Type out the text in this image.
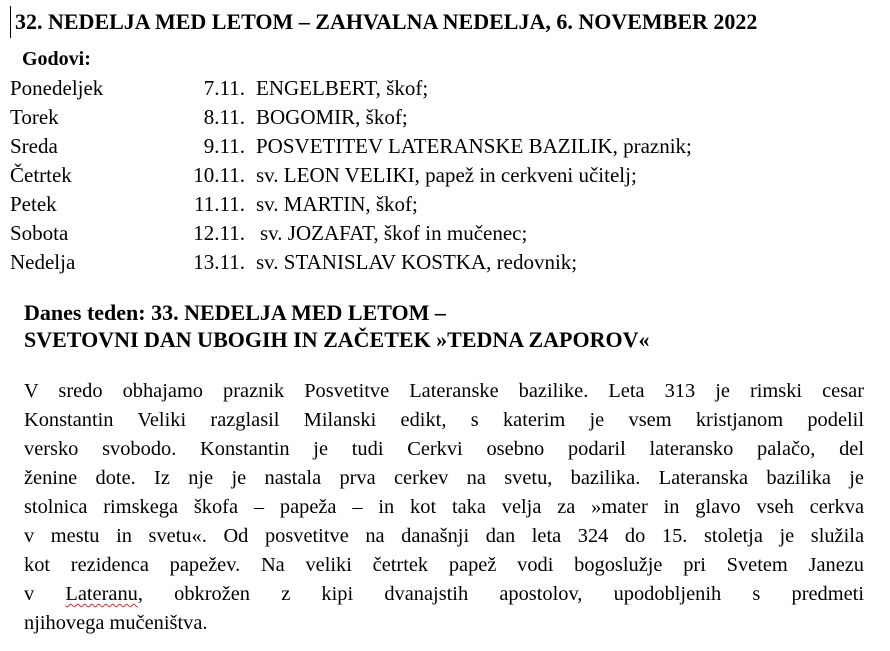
32. NEDELJA MED LETOM – ZAHVALNA NEDELJA, 6. NOVEMBER 2022
Godovi:
Ponedeljek	7.11. ENGELBERT, škof;
Torek	8.11. BOGOMIR, škof;
Sreda	9.11. POSVETITEV LATERANSKE BAZILIK, praznik;
Četrtek	10.11. sv. LEON VELIKI, papež in cerkveni učitelj;
Petek	11.11. sv. MARTIN, škof;
Sobota	12.11. sv. JOZAFAT, škof in mučenec;
Nedelja	13.11. sv. STANISLAV KOSTKA, redovnik;
Danes teden: 33. NEDELJA MED LETOM –
SVETOVNI DAN UBOGIH IN ZAČETEK »TEDNA ZAPOROV«
V sredo obhajamo praznik Posvetitve Lateranske bazilike. Leta 313 je rimski cesar
Konstantin Veliki razglasil Milanski edikt, s katerim je vsem kristjanom podelil
versko svobodo. Konstantin je tudi Cerkvi osebno podaril lateransko palačo, del
ženine dote. Iz nje je nastala prva cerkev na svetu, bazilika. Lateranska bazilika je
stolnica rimskega škofa – papeža – in kot taka velja za »mater in glavo vseh cerkva
v mestu in svetu«. Od posvetitve na današnji dan leta 324 do 15. stoletja je služila
kot rezidenca papežev. Na veliki četrtek papež vodi bogoslužje pri Svetem Janezu
v Lateranu, obkrožen z kipi dvanajstih apostolov, upodobljenih s predmeti
njihovega mučeništva.
